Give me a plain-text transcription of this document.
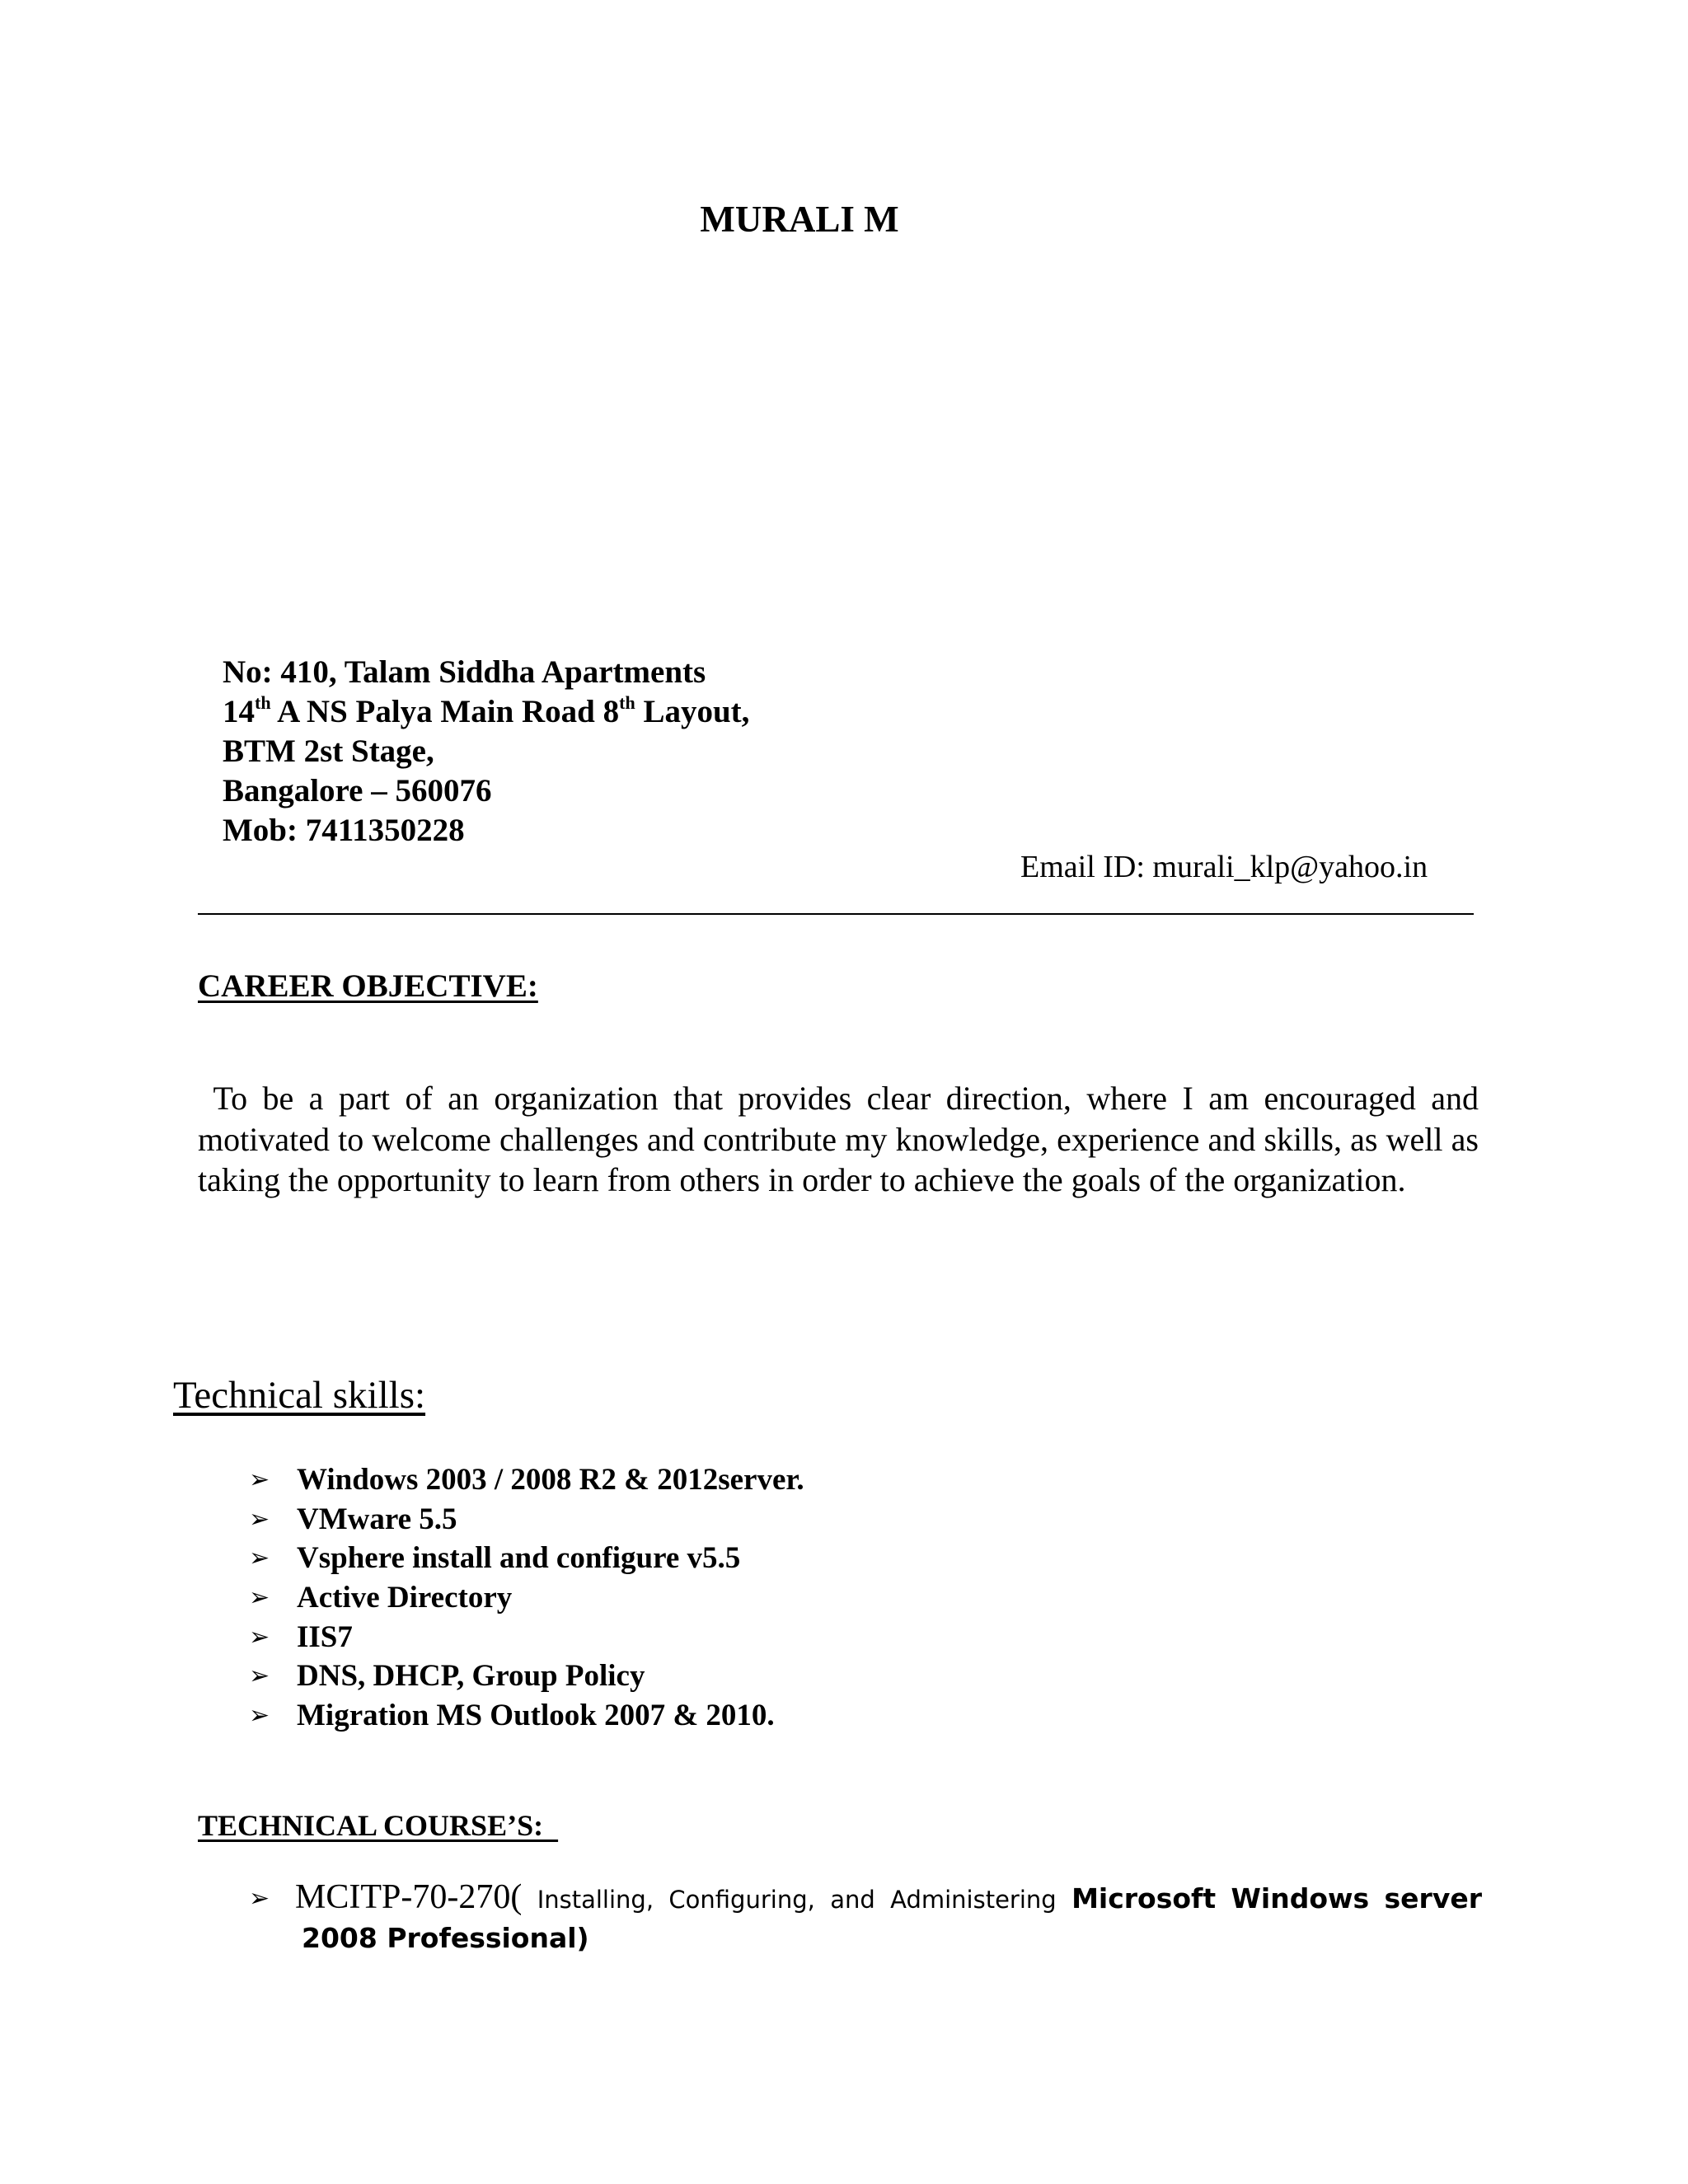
MURALI M
No: 410, Talam Siddha Apartments
14th A NS Palya Main Road 8th Layout,
BTM 2st Stage,
Bangalore – 560076
Mob: 7411350228
Email ID: murali_klp@yahoo.in
CAREER OBJECTIVE:
To be a part of an organization that provides clear direction, where I am encouraged and motivated to welcome challenges and contribute my knowledge, experience and skills, as well as taking the opportunity to learn from others in order to achieve the goals of the organization.
Technical skills:
➢ Windows 2003 / 2008 R2 & 2012server.
➢ VMware 5.5
➢ Vsphere install and configure v5.5
➢ Active Directory
➢ IIS7
➢ DNS, DHCP, Group Policy
➢ Migration MS Outlook 2007 & 2010.
TECHNICAL COURSE’S:
➢ MCITP-70-270( Installing, Configuring, and Administering Microsoft Windows server
2008 Professional)
